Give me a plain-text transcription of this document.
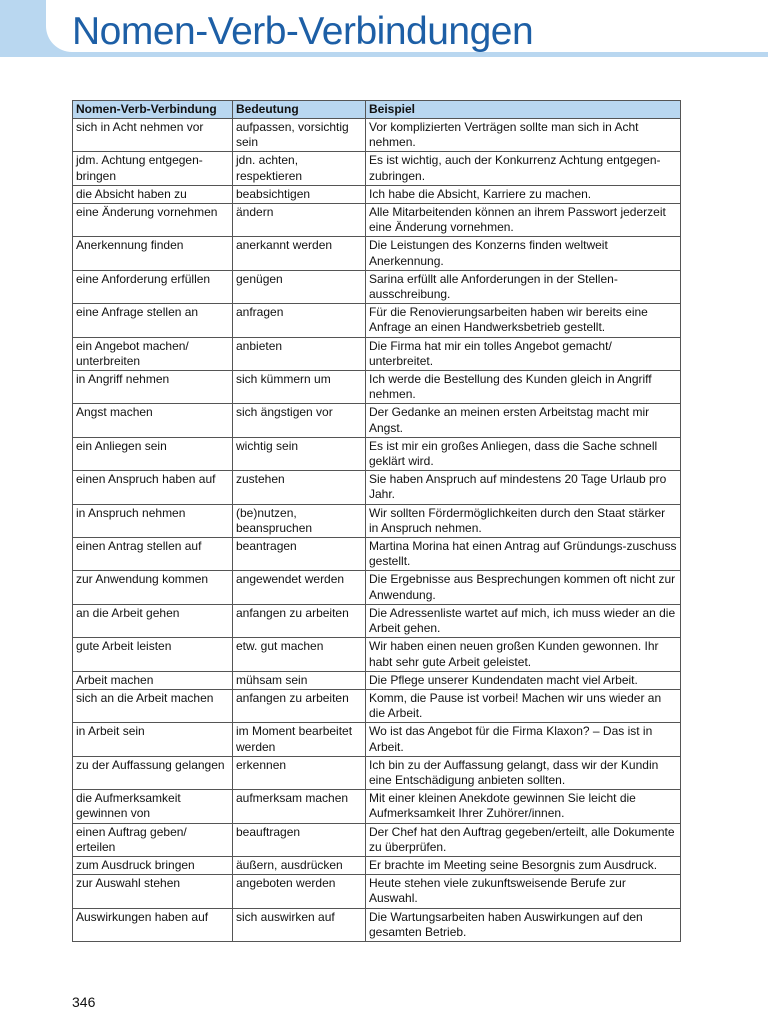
Nomen-Verb-Verbindungen
Nomen-Verb-Verbindung	Bedeutung	Beispiel
sich in Acht nehmen vor	aufpassen, vorsichtig sein	Vor komplizierten Verträgen sollte man sich in Acht nehmen.
jdm. Achtung entgegen-bringen	jdn. achten, respektieren	Es ist wichtig, auch der Konkurrenz Achtung entgegen-zubringen.
die Absicht haben zu	beabsichtigen	Ich habe die Absicht, Karriere zu machen.
eine Änderung vornehmen	ändern	Alle Mitarbeitenden können an ihrem Passwort jederzeit eine Änderung vornehmen.
Anerkennung finden	anerkannt werden	Die Leistungen des Konzerns finden weltweit Anerkennung.
eine Anforderung erfüllen	genügen	Sarina erfüllt alle Anforderungen in der Stellen-ausschreibung.
eine Anfrage stellen an	anfragen	Für die Renovierungsarbeiten haben wir bereits eine Anfrage an einen Handwerksbetrieb gestellt.
ein Angebot machen/ unterbreiten	anbieten	Die Firma hat mir ein tolles Angebot gemacht/ unterbreitet.
in Angriff nehmen	sich kümmern um	Ich werde die Bestellung des Kunden gleich in Angriff nehmen.
Angst machen	sich ängstigen vor	Der Gedanke an meinen ersten Arbeitstag macht mir Angst.
ein Anliegen sein	wichtig sein	Es ist mir ein großes Anliegen, dass die Sache schnell geklärt wird.
einen Anspruch haben auf	zustehen	Sie haben Anspruch auf mindestens 20 Tage Urlaub pro Jahr.
in Anspruch nehmen	(be)nutzen, beanspruchen	Wir sollten Fördermöglichkeiten durch den Staat stärker in Anspruch nehmen.
einen Antrag stellen auf	beantragen	Martina Morina hat einen Antrag auf Gründungs-zuschuss gestellt.
zur Anwendung kommen	angewendet werden	Die Ergebnisse aus Besprechungen kommen oft nicht zur Anwendung.
an die Arbeit gehen	anfangen zu arbeiten	Die Adressenliste wartet auf mich, ich muss wieder an die Arbeit gehen.
gute Arbeit leisten	etw. gut machen	Wir haben einen neuen großen Kunden gewonnen. Ihr habt sehr gute Arbeit geleistet.
Arbeit machen	mühsam sein	Die Pflege unserer Kundendaten macht viel Arbeit.
sich an die Arbeit machen	anfangen zu arbeiten	Komm, die Pause ist vorbei! Machen wir uns wieder an die Arbeit.
in Arbeit sein	im Moment bearbeitet werden	Wo ist das Angebot für die Firma Klaxon? – Das ist in Arbeit.
zu der Auffassung gelangen	erkennen	Ich bin zu der Auffassung gelangt, dass wir der Kundin eine Entschädigung anbieten sollten.
die Aufmerksamkeit gewinnen von	aufmerksam machen	Mit einer kleinen Anekdote gewinnen Sie leicht die Aufmerksamkeit Ihrer Zuhörer/innen.
einen Auftrag geben/ erteilen	beauftragen	Der Chef hat den Auftrag gegeben/erteilt, alle Dokumente zu überprüfen.
zum Ausdruck bringen	äußern, ausdrücken	Er brachte im Meeting seine Besorgnis zum Ausdruck.
zur Auswahl stehen	angeboten werden	Heute stehen viele zukunftsweisende Berufe zur Auswahl.
Auswirkungen haben auf	sich auswirken auf	Die Wartungsarbeiten haben Auswirkungen auf den gesamten Betrieb.
346
